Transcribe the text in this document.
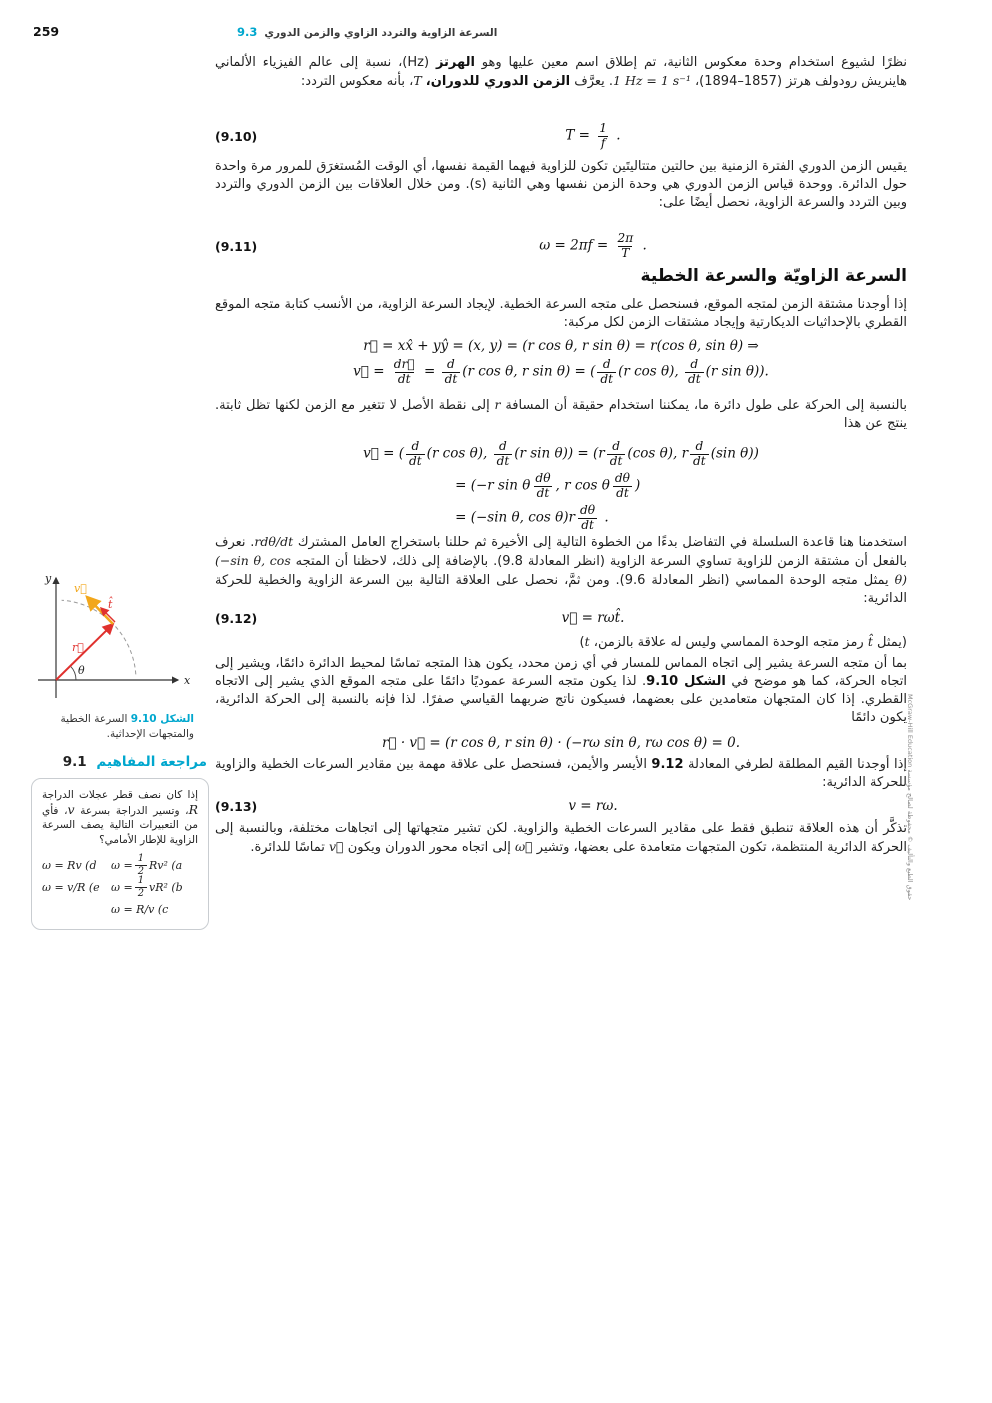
259	9.3 السرعة الزاوية والتردد الزاوي والزمن الدوري

نظرًا لشيوع استخدام وحدة معكوس الثانية، تم إطلاق اسم معين عليها وهو الهرتز (Hz)، نسبة إلى عالم الفيزياء الألماني هاينريش رودولف هرتز (1857–1894)، 1 Hz = 1 s⁻¹. يعرَّف الزمن الدوري للدوران، T، بأنه معكوس التردد:

(9.10)	$T = \frac{1}{f}$ .

يقيس الزمن الدوري الفترة الزمنية بين حالتين متتاليتَين تكون للزاوية فيهما القيمة نفسها، أي الوقت المُستغرَق للمرور مرة واحدة حول الدائرة. ووحدة قياس الزمن الدوري هي وحدة الزمن نفسها وهي الثانية (s). ومن خلال العلاقات بين الزمن الدوري والتردد وبين التردد والسرعة الزاوية، نحصل أيضًا على:

(9.11)	$\omega = 2\pi f = \frac{2\pi}{T}$ .
السرعة الزاويّة والسرعة الخطية

إذا أوجدنا مشتقة الزمن لمتجه الموقع، فسنحصل على متجه السرعة الخطية. لإيجاد السرعة الزاوية، من الأنسب كتابة متجه الموقع القطري بالإحداثيات الديكارتية وإيجاد مشتقات الزمن لكل مركبة:

r⃗ = xx̂ + yŷ = (x, y) = (r cos θ, r sin θ) = r(cos θ, sin θ) ⇒
v⃗ = $\frac{dr⃗}{dt} = \frac{d}{dt} (r$ cos θ, r sin θ) = ( $\frac{d}{dt} (r$ cos θ), $\frac{d}{dt} (r$ sin θ)).

بالنسبة إلى الحركة على طول دائرة ما، يمكننا استخدام حقيقة أن المسافة r إلى نقطة الأصل لا تتغير مع الزمن لكنها تظل ثابتة. ينتج عن هذا

v⃗ = ( $\frac{d}{dt} (r$ cos θ), $\frac{d}{dt} (r$ $\sin \theta)) = (r \frac{d}{dt} (\cos$ θ), r $\frac{d}{dt} (\sin$ θ))
= (−r sin θ $\frac{d\theta}{dt}$ , r cos θ $\frac{d\theta}{dt}$ )
= (−sin θ, $\cos \theta)r \frac{d\theta}{dt}$ .

استخدمنا هنا قاعدة السلسلة في التفاضل بدءًا من الخطوة التالية إلى الأخيرة ثم حللنا باستخراج العامل المشترك rdθ/dt. نعرف بالفعل أن مشتقة الزمن للزاوية تساوي السرعة الزاوية (انظر المعادلة 9.8). بالإضافة إلى ذلك، لاحظنا أن المتجه (−sin θ, cos θ) يمثل متجه الوحدة المماسي (انظر المعادلة 9.6). ومن ثمَّ، نحصل على العلاقة التالية بين السرعة الزاوية والخطية للحركة الدائرية:

(9.12)	v⃗ = rωt̂.

(يمثل t̂ رمز متجه الوحدة المماسي وليس له علاقة بالزمن، t)

بما أن متجه السرعة يشير إلى اتجاه المماس للمسار في أي زمن محدد، يكون هذا المتجه تماسًا لمحيط الدائرة دائمًا، ويشير إلى اتجاه الحركة، كما هو موضح في الشكل 9.10. لذا يكون متجه السرعة عموديًا دائمًا على متجه الموقع الذي يشير إلى الاتجاه القطري. إذا كان المتجهان متعامدين على بعضهما، فسيكون ناتج ضربهما القياسي صفرًا. لذا فإنه بالنسبة إلى الحركة الدائرية، يكون دائمًا

r⃗ · v⃗ = (r cos θ, r sin θ) · (−rω sin θ, rω cos θ) = 0.

إذا أوجدنا القيم المطلقة لطرفي المعادلة 9.12 الأيسر والأيمن، فسنحصل على علاقة مهمة بين مقادير السرعات الخطية والزاوية للحركة الدائرية:

(9.13)	v = rω.

تذكَّر أن هذه العلاقة تنطبق فقط على مقادير السرعات الخطية والزاوية. لكن تشير متجهاتها إلى اتجاهات مختلفة، وبالنسبة إلى الحركة الدائرية المنتظمة، تكون المتجهات متعامدة على بعضها، وتشير ω⃗ إلى اتجاه محور الدوران ويكون v⃗ تماسًا للدائرة.

x
y
θ
r⃗
v⃗
t̂

الشكل 9.10 السرعة الخطية والمتجهات الإحداثية.

مراجعة المفاهيم 9.1

إذا كان نصف قطر عجلات الدراجة R، وتسير الدراجة بسرعة v، فأي من التعبيرات التالية يصف السرعة الزاوية للإطار الأمامي؟

$\omega = \frac{1}{2} Rv^2$ (a
$\omega = \frac{1}{2} vR^2$ (b
ω = R/v (c
ω = Rv (d
ω = v/R (e
حقوق الطبع والتأليف © محفوظة لصالح مؤسسة McGraw-Hill Education
